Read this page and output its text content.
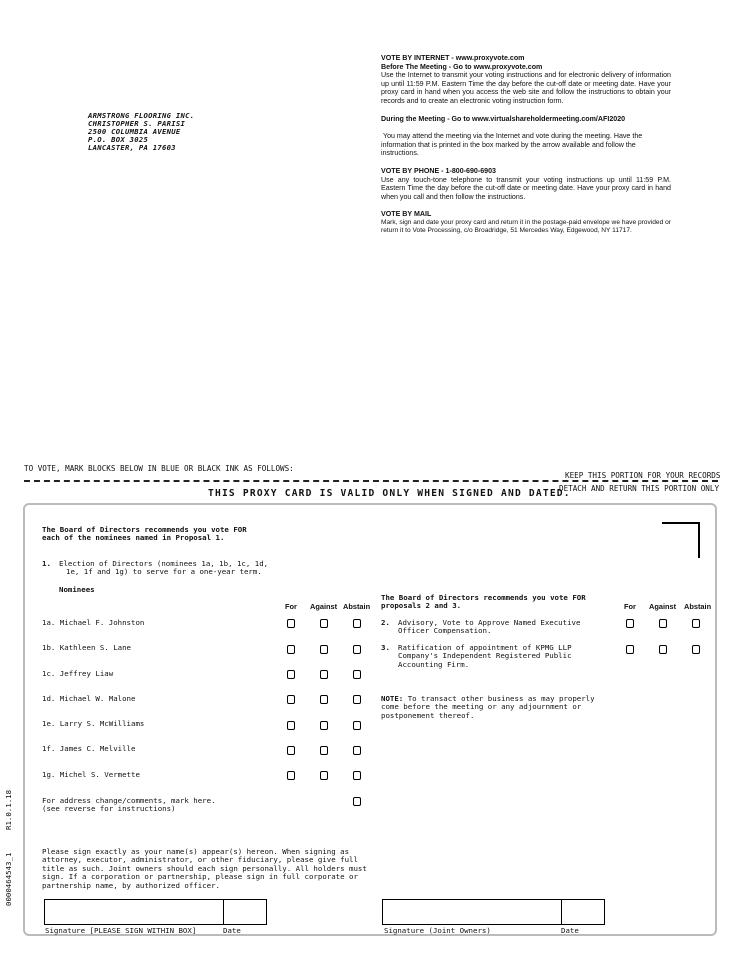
ARMSTRONG FLOORING INC.
CHRISTOPHER S. PARISI
2500 COLUMBIA AVENUE
P.O. BOX 3025
LANCASTER, PA 17603

VOTE BY INTERNET - www.proxyvote.com

Before The Meeting - Go to www.proxyvote.com

Use the Internet to transmit your voting instructions and for electronic delivery of information up until 11:59 P.M. Eastern Time the day before the cut-off date or meeting date. Have your proxy card in hand when you access the web site and follow the instructions to obtain your records and to create an electronic voting instruction form.

During the Meeting - Go to www.virtualshareholdermeeting.com/AFI2020

You may attend the meeting via the Internet and vote during the meeting. Have the information that is printed in the box marked by the arrow available and follow the instructions.

VOTE BY PHONE - 1-800-690-6903

Use any touch-tone telephone to transmit your voting instructions up until 11:59 P.M. Eastern Time the day before the cut-off date or meeting date. Have your proxy card in hand when you call and then follow the instructions.

VOTE BY MAIL

Mark, sign and date your proxy card and return it in the postage-paid envelope we have provided or return it to Vote Processing, c/o Broadridge, 51 Mercedes Way, Edgewood, NY 11717.

TO VOTE, MARK BLOCKS BELOW IN BLUE OR BLACK INK AS FOLLOWS:
KEEP THIS PORTION FOR YOUR RECORDS
THIS PROXY CARD IS VALID ONLY WHEN SIGNED AND DATED.
DETACH AND RETURN THIS PORTION ONLY
The Board of Directors recommends you vote FOR
each of the nominees named in Proposal 1.
1. Election of Directors (nominees 1a, 1b, 1c, 1d,
1e, 1f and 1g) to serve for a one-year term.
Nominees
For Against Abstain
1a. Michael F. Johnston
1b. Kathleen S. Lane
1c. Jeffrey Liaw
1d. Michael W. Malone
1e. Larry S. McWilliams
1f. James C. Melville
1g. Michel S. Vermette
For address change/comments, mark here.
(see reverse for instructions)
The Board of Directors recommends you vote FOR
proposals 2 and 3.	For Against Abstain
2. Advisory, Vote to Approve Named Executive
Officer Compensation.
3. Ratification of appointment of KPMG LLP
Company's Independent Registered Public
Accounting Firm.
NOTE: To transact other business as may properly
come before the meeting or any adjournment or
postponement thereof.
Please sign exactly as your name(s) appear(s) hereon. When signing as
attorney, executor, administrator, or other fiduciary, please give full
title as such. Joint owners should each sign personally. All holders must
sign. If a corporation or partnership, please sign in full corporate or
partnership name, by authorized officer.
Signature [PLEASE SIGN WITHIN BOX]	Date	Signature (Joint Owners)	Date
R1.0.1.18
0000464543_1
